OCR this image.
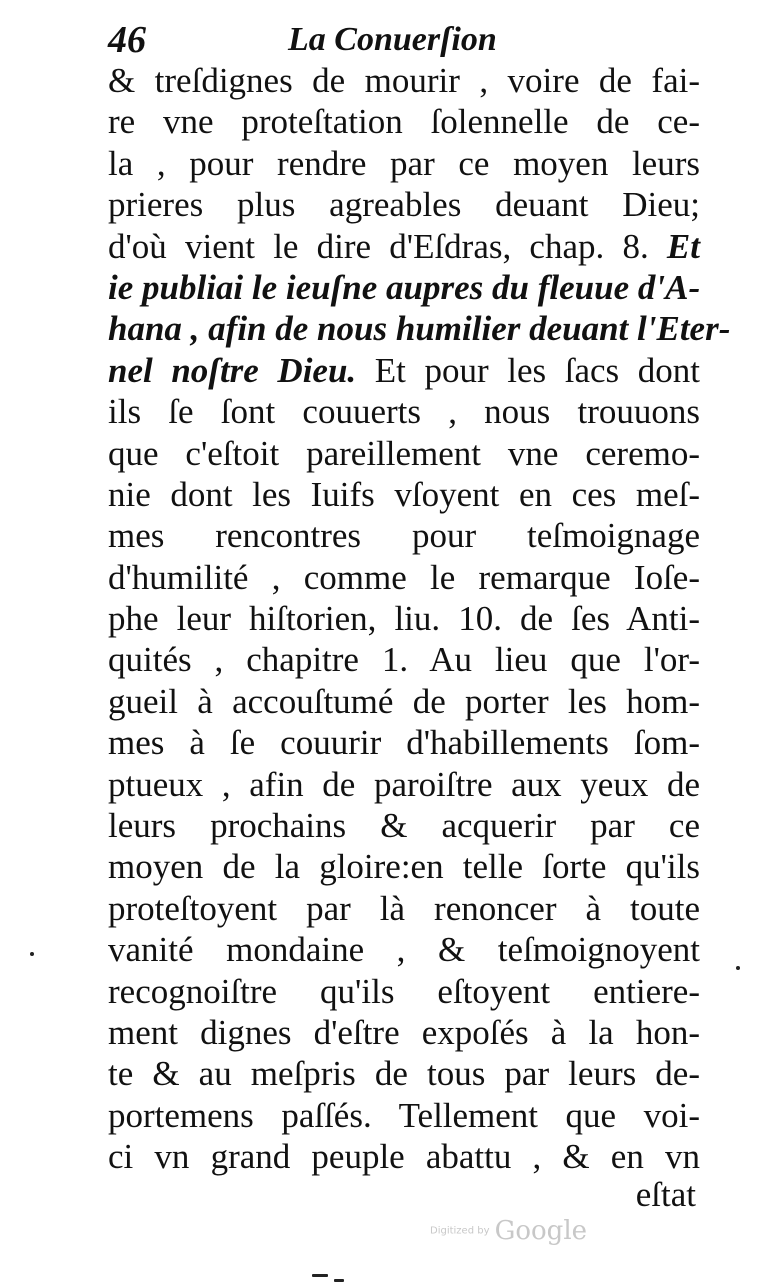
46	La Conuerſion
& treſdignes de mourir , voire de fai-
re vne proteſtation ſolennelle de ce-
la , pour rendre par ce moyen leurs
prieres plus agreables deuant Dieu;
d'où vient le dire d'Eſdras, chap. 8. Et
ie publiai le ieuſne aupres du fleuue d'A-
hana , afin de nous humilier deuant l'Eter-
nel noſtre Dieu. Et pour les ſacs dont
ils ſe ſont couuerts , nous trouuons
que c'eſtoit pareillement vne ceremo-
nie dont les Iuifs vſoyent en ces meſ-
mes rencontres pour teſmoignage
d'humilité , comme le remarque Ioſe-
phe leur hiſtorien, liu. 10. de ſes Anti-
quités , chapitre 1. Au lieu que l'or-
gueil à accouſtumé de porter les hom-
mes à ſe couurir d'habillements ſom-
ptueux , afin de paroiſtre aux yeux de
leurs prochains & acquerir par ce
moyen de la gloire:en telle ſorte qu'ils
proteſtoyent par là renoncer à toute
vanité mondaine , & teſmoignoyent
recognoiſtre qu'ils eſtoyent entiere-
ment dignes d'eſtre expoſés à la hon-
te & au meſpris de tous par leurs de-
portemens paſſés. Tellement que voi-
ci vn grand peuple abattu , & en vn
eſtat
Digitized by Google
